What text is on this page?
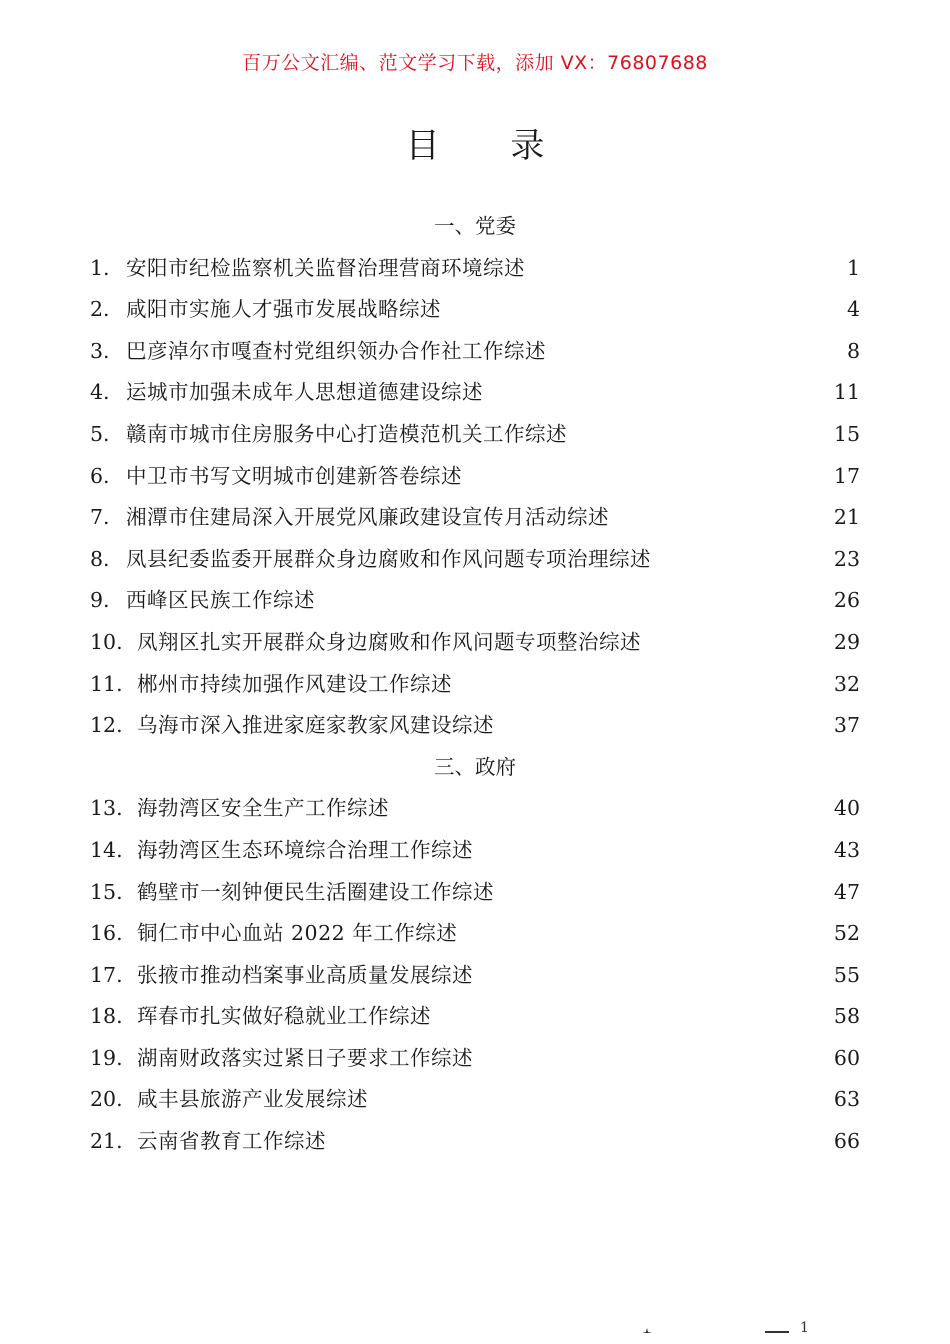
百万公文汇编、范文学习下载，添加 VX：76807688
目 录
一、党委
1. 安阳市纪检监察机关监督治理营商环境综述	1
2. 咸阳市实施人才强市发展战略综述	4
3. 巴彦淖尔市嘎查村党组织领办合作社工作综述	8
4. 运城市加强未成年人思想道德建设综述	11
5. 赣南市城市住房服务中心打造模范机关工作综述	15
6. 中卫市书写文明城市创建新答卷综述	17
7. 湘潭市住建局深入开展党风廉政建设宣传月活动综述	21
8. 凤县纪委监委开展群众身边腐败和作风问题专项治理综述	23
9. 西峰区民族工作综述	26
10. 凤翔区扎实开展群众身边腐败和作风问题专项整治综述	29
11. 郴州市持续加强作风建设工作综述	32
12. 乌海市深入推进家庭家教家风建设综述	37
三、政府
13. 海勃湾区安全生产工作综述	40
14. 海勃湾区生态环境综合治理工作综述	43
15. 鹤壁市一刻钟便民生活圈建设工作综述	47
16. 铜仁市中心血站 2022 年工作综述	52
17. 张掖市推动档案事业高质量发展综述	55
18. 珲春市扎实做好稳就业工作综述	58
19. 湖南财政落实过紧日子要求工作综述	60
20. 咸丰县旅游产业发展综述	63
21. 云南省教育工作综述	66
1
